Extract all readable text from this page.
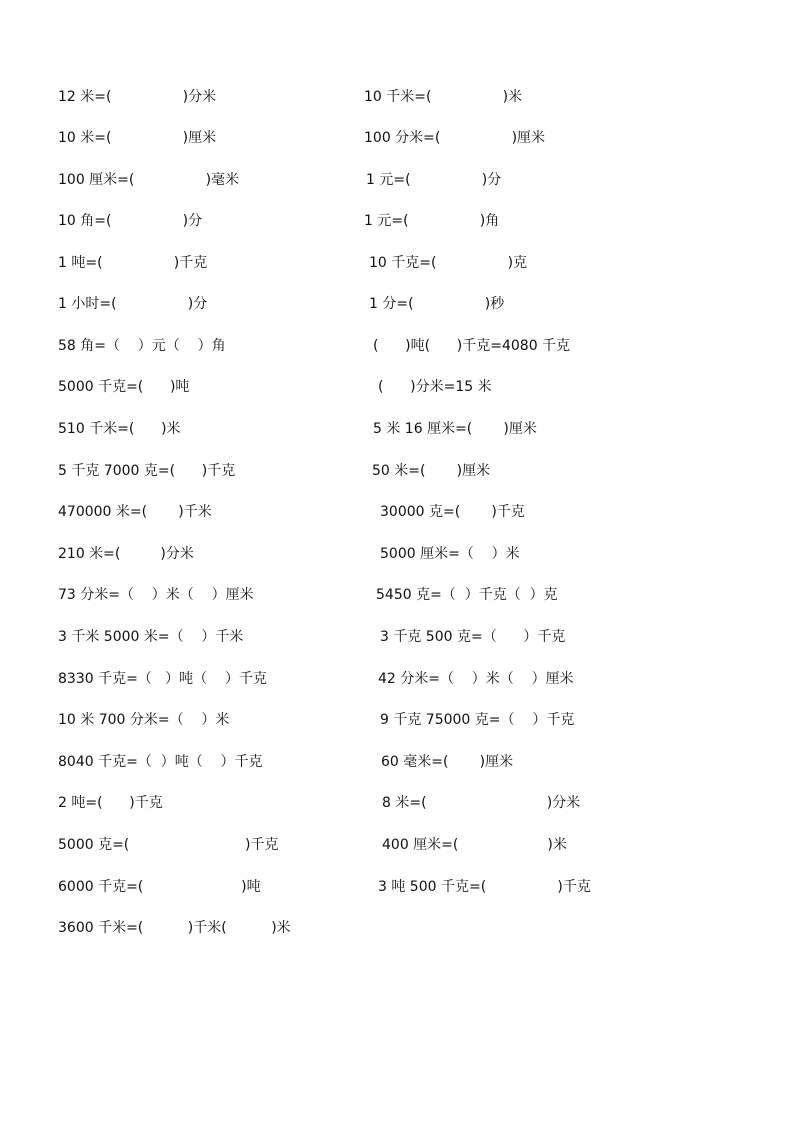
12 米=(                )分米	10 千米=(                )米
10 米=(                )厘米	100 分米=(                )厘米
100 厘米=(                )毫米	1 元=(                )分
10 角=(                )分	1 元=(                )角
1 吨=(                )千克	10 千克=(                )克
1 小时=(                )分	1 分=(                )秒
58 角=（    ）元（    ）角	(      )吨(      )千克=4080 千克
5000 千克=(      )吨	(      )分米=15 米
510 千米=(      )米	5 米 16 厘米=(       )厘米
5 千克 7000 克=(      )千克	50 米=(       )厘米
470000 米=(       )千米	30000 克=(       )千克
210 米=(         )分米	5000 厘米=（    ）米
73 分米=（    ）米（    ）厘米	5450 克=（  ）千克（  ）克
3 千米 5000 米=（    ）千米	3 千克 500 克=（      ）千克
8330 千克=（   ）吨（    ）千克	42 分米=（    ）米（    ）厘米
10 米 700 分米=（    ）米	9 千克 75000 克=（    ）千克
8040 千克=（  ）吨（    ）千克	60 毫米=(       )厘米
2 吨=(      )千克	8 米=(                           )分米
5000 克=(                          )千克	400 厘米=(                    )米
6000 千克=(                      )吨	3 吨 500 千克=(                )千克
3600 千米=(          )千米(          )米
